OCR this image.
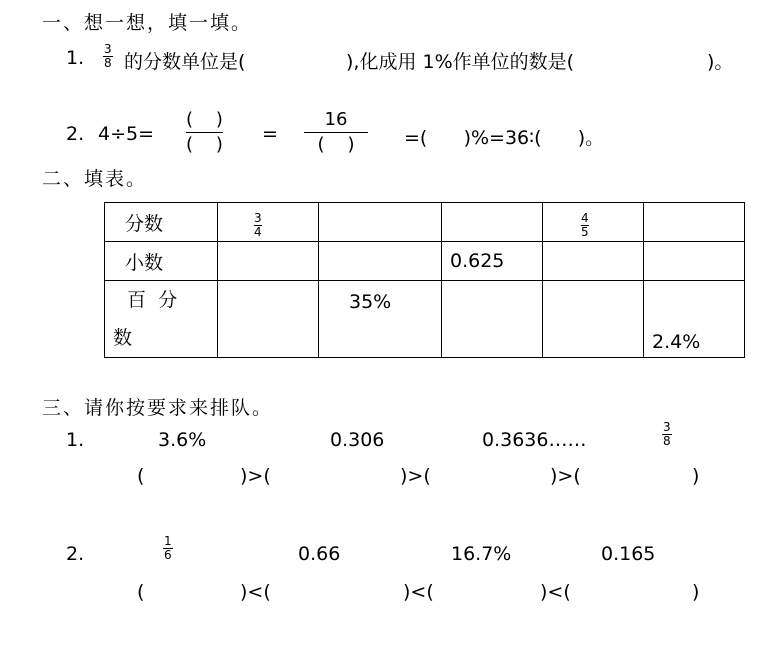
一、想一想，填一填。
1. 3
8 的分数单位是(	),化成用 1%作单位的数是(	)。
2. 4÷5=
(    )
(    ) =
16
(    )	=(      )%=36∶(      )。
二、填表。
分数	$\frac{3}{4}$			$\frac{4}{5}$

小数			0.625		

百  分
数		35%			2.4%
三、请你按要求来排队。
1.	3.6%	0.306	0.3636……
3
8
(	)>(	)>(	)>(	)
2.
1
6	0.66	16.7%	0.165
(	)<(	)<(	)<(	)
